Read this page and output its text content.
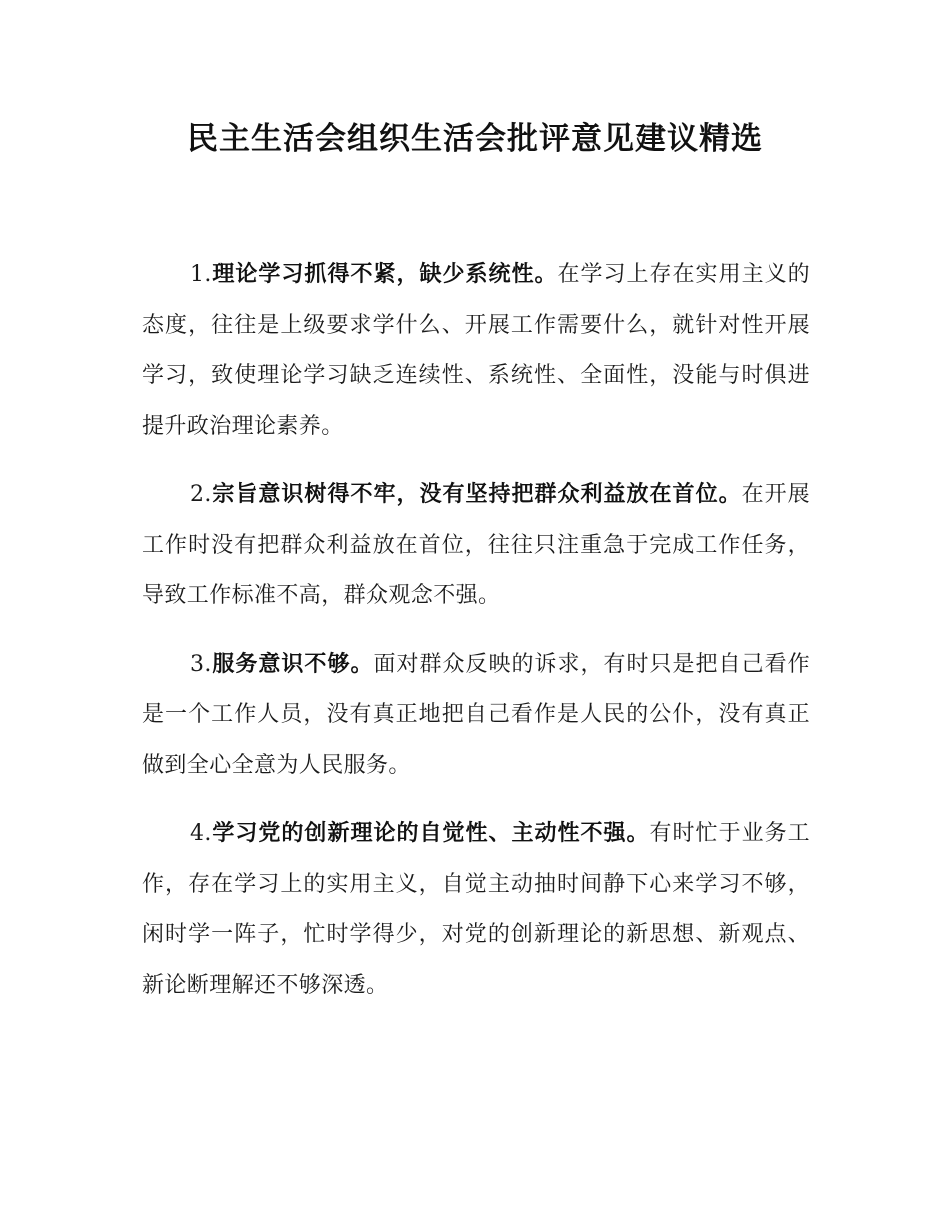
民主生活会组织生活会批评意见建议精选

1.理论学习抓得不紧，缺少系统性。在学习上存在实用主义的态度，往往是上级要求学什么、开展工作需要什么，就针对性开展学习，致使理论学习缺乏连续性、系统性、全面性，没能与时俱进提升政治理论素养。

2.宗旨意识树得不牢，没有坚持把群众利益放在首位。在开展工作时没有把群众利益放在首位，往往只注重急于完成工作任务，导致工作标准不高，群众观念不强。

3.服务意识不够。面对群众反映的诉求，有时只是把自己看作是一个工作人员，没有真正地把自己看作是人民的公仆，没有真正做到全心全意为人民服务。

4.学习党的创新理论的自觉性、主动性不强。有时忙于业务工作，存在学习上的实用主义，自觉主动抽时间静下心来学习不够，闲时学一阵子，忙时学得少，对党的创新理论的新思想、新观点、新论断理解还不够深透。
